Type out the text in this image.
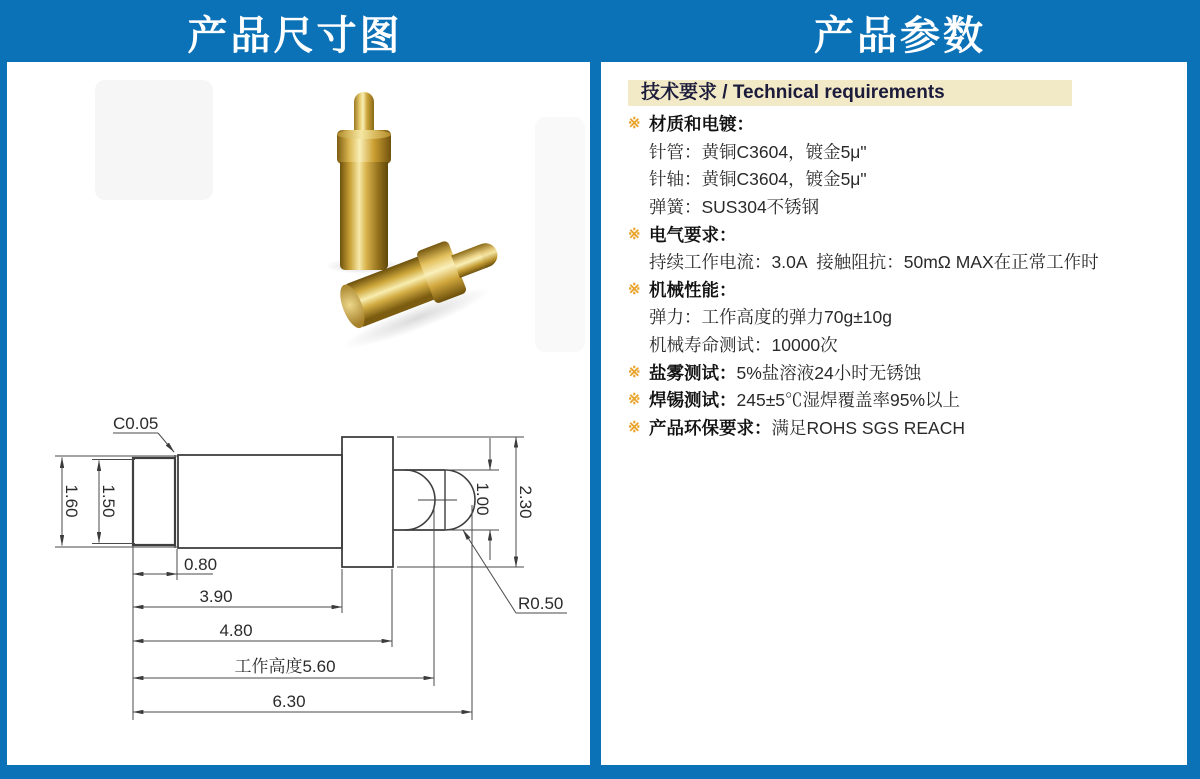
产品尺寸图	产品参数
C0.05
1.60 1.50
0.80
3.90
4.80
工作高度5.60
6.30
2.30
1.00
R0.50
技术要求 / Technical requirements
※ 材质和电镀：
针管：黄铜C3604，镀金5μ"
针轴：黄铜C3604，镀金5μ"
弹簧：SUS304不锈钢
※ 电气要求：
持续工作电流：3.0A  接触阻抗：50mΩ MAX在正常工作时
※ 机械性能：
弹力：工作高度的弹力70g±10g
机械寿命测试：10000次
※ 盐雾测试： 5%盐溶液24小时无锈蚀
※ 焊锡测试： 245±5℃湿焊覆盖率95%以上
※ 产品环保要求： 满足ROHS SGS REACH
